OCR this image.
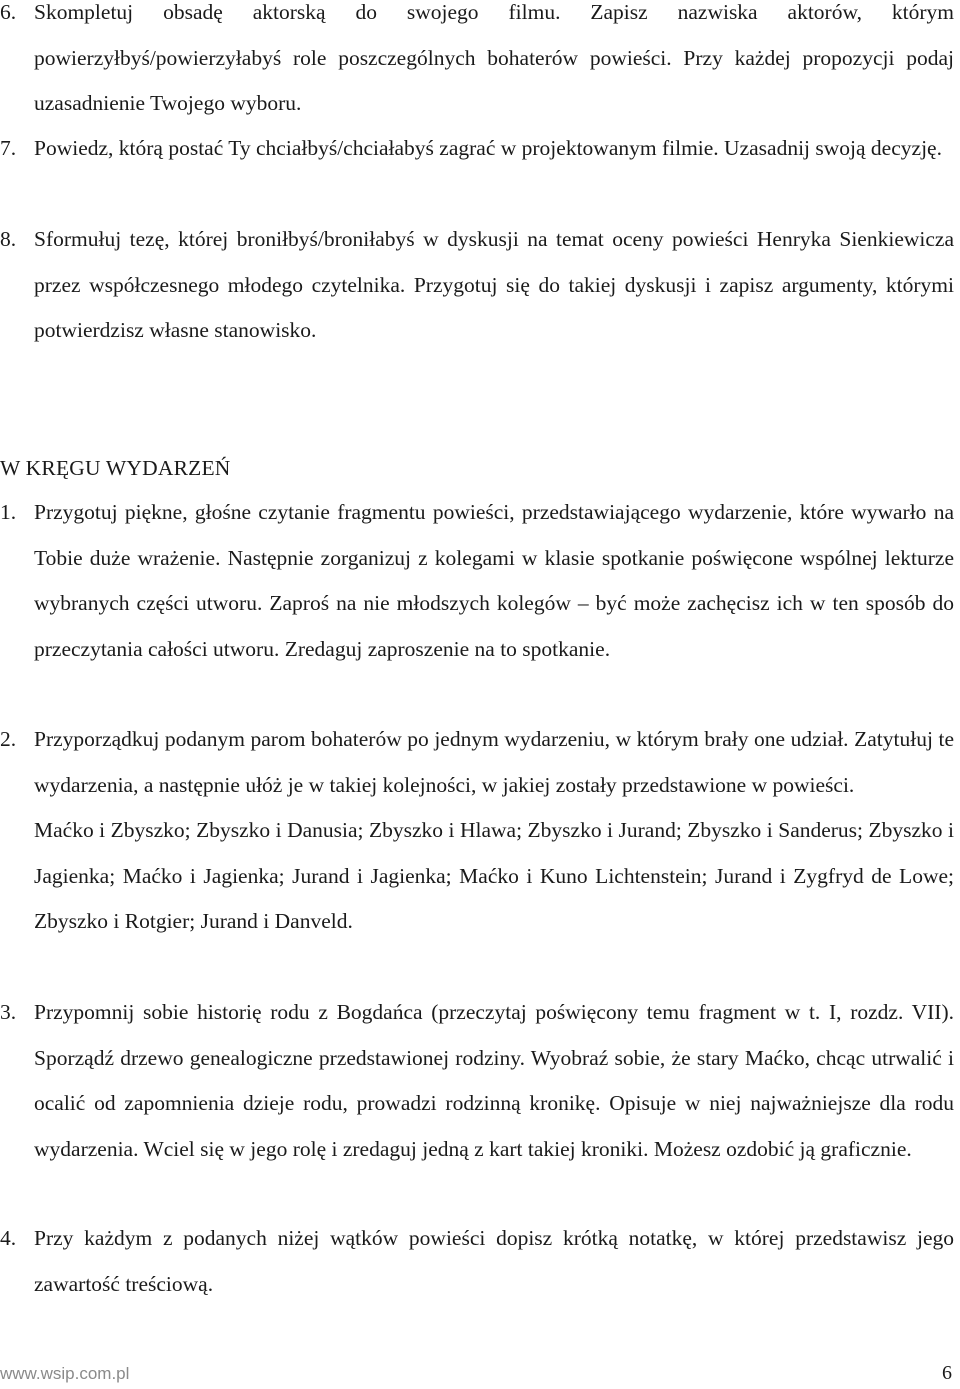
6. Skompletuj obsadę aktorską do swojego filmu. Zapisz nazwiska aktorów, którym powierzyłbyś/powierzyłabyś role poszczególnych bohaterów powieści. Przy każdej propozycji podaj uzasadnienie Twojego wyboru.
7. Powiedz, którą postać Ty chciałbyś/chciałabyś zagrać w projektowanym filmie. Uzasadnij swoją decyzję.
8. Sformułuj tezę, której broniłbyś/broniłabyś w dyskusji na temat oceny powieści Henryka Sienkiewicza przez współczesnego młodego czytelnika. Przygotuj się do takiej dyskusji i zapisz argumenty, którymi potwierdzisz własne stanowisko.
W KRĘGU WYDARZEŃ
1. Przygotuj piękne, głośne czytanie fragmentu powieści, przedstawiającego wydarzenie, które wywarło na Tobie duże wrażenie. Następnie zorganizuj z kolegami w klasie spotkanie poświęcone wspólnej lekturze wybranych części utworu. Zaproś na nie młodszych kolegów – być może zachęcisz ich w ten sposób do przeczytania całości utworu. Zredaguj zaproszenie na to spotkanie.
2. Przyporządkuj podanym parom bohaterów po jednym wydarzeniu, w którym brały one udział. Zatytułuj te wydarzenia, a następnie ułóż je w takiej kolejności, w jakiej zostały przedstawione w powieści.
Maćko i Zbyszko; Zbyszko i Danusia; Zbyszko i Hlawa; Zbyszko i Jurand; Zbyszko i Sanderus; Zbyszko i Jagienka; Maćko i Jagienka; Jurand i Jagienka; Maćko i Kuno Lichtenstein; Jurand i Zygfryd de Lowe; Zbyszko i Rotgier; Jurand i Danveld.
3. Przypomnij sobie historię rodu z Bogdańca (przeczytaj poświęcony temu fragment w t. I, rozdz. VII). Sporządź drzewo genealogiczne przedstawionej rodziny. Wyobraź sobie, że stary Maćko, chcąc utrwalić i ocalić od zapomnienia dzieje rodu, prowadzi rodzinną kronikę. Opisuje w niej najważniejsze dla rodu wydarzenia. Wciel się w jego rolę i zredaguj jedną z kart takiej kroniki. Możesz ozdobić ją graficznie.
4. Przy każdym z podanych niżej wątków powieści dopisz krótką notatkę, w której przedstawisz jego zawartość treściową.
www.wsip.com.pl	6
